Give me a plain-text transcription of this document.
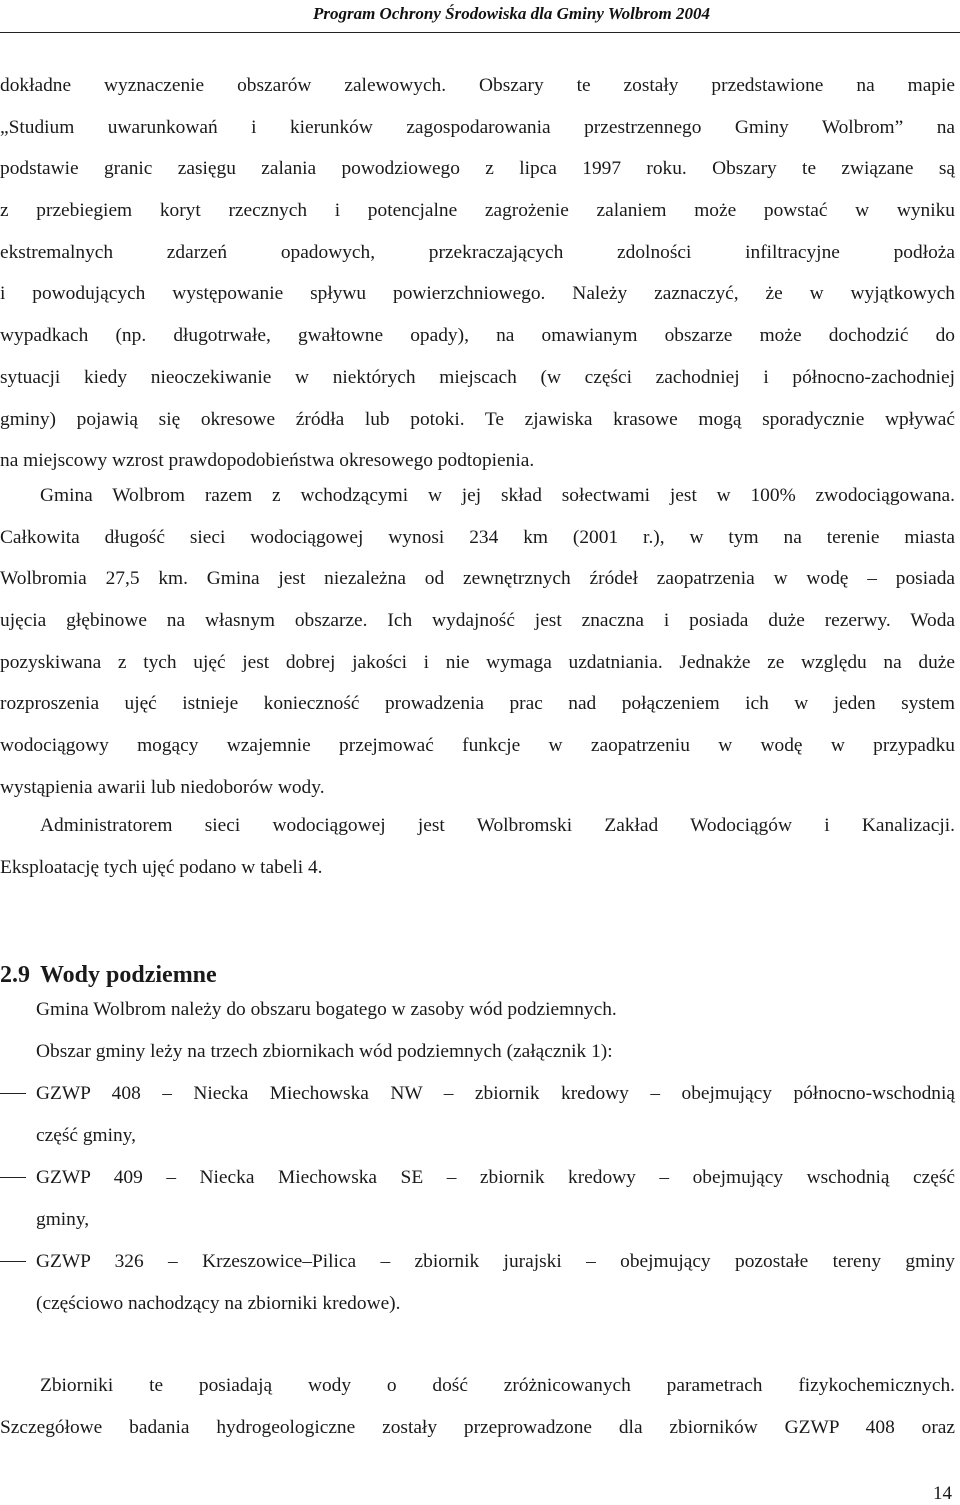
Program Ochrony Środowiska dla Gminy Wolbrom 2004
dokładne wyznaczenie obszarów zalewowych. Obszary te zostały przedstawione na mapie
„Studium uwarunkowań i kierunków zagospodarowania przestrzennego Gminy Wolbrom” na
podstawie granic zasięgu zalania powodziowego z lipca 1997 roku. Obszary te związane są
z przebiegiem koryt rzecznych i potencjalne zagrożenie zalaniem może powstać w wyniku
ekstremalnych zdarzeń opadowych, przekraczających zdolności infiltracyjne podłoża
i powodujących występowanie spływu powierzchniowego. Należy zaznaczyć, że w wyjątkowych
wypadkach (np. długotrwałe, gwałtowne opady), na omawianym obszarze może dochodzić do
sytuacji kiedy nieoczekiwanie w niektórych miejscach (w części zachodniej i północno-zachodniej
gminy) pojawią się okresowe źródła lub potoki. Te zjawiska krasowe mogą sporadycznie wpływać
na miejscowy wzrost prawdopodobieństwa okresowego podtopienia.
Gmina Wolbrom razem z wchodzącymi w jej skład sołectwami jest w 100% zwodociągowana.
Całkowita długość sieci wodociągowej wynosi 234 km (2001 r.), w tym na terenie miasta
Wolbromia 27,5 km. Gmina jest niezależna od zewnętrznych źródeł zaopatrzenia w wodę – posiada
ujęcia głębinowe na własnym obszarze. Ich wydajność jest znaczna i posiada duże rezerwy. Woda
pozyskiwana z tych ujęć jest dobrej jakości i nie wymaga uzdatniania. Jednakże ze względu na duże
rozproszenia ujęć istnieje konieczność prowadzenia prac nad połączeniem ich w jeden system
wodociągowy mogący wzajemnie przejmować funkcje w zaopatrzeniu w wodę w przypadku
wystąpienia awarii lub niedoborów wody.
Administratorem sieci wodociągowej jest Wolbromski Zakład Wodociągów i Kanalizacji.
Eksploatację tych ujęć podano w tabeli 4.
2.9 Wody podziemne
Gmina Wolbrom należy do obszaru bogatego w zasoby wód podziemnych.
Obszar gminy leży na trzech zbiornikach wód podziemnych (załącznik 1):
GZWP 408 – Niecka Miechowska NW – zbiornik kredowy – obejmujący północno-wschodnią
część gminy,
GZWP 409 – Niecka Miechowska SE – zbiornik kredowy – obejmujący wschodnią część
gminy,
GZWP 326 – Krzeszowice–Pilica – zbiornik jurajski – obejmujący pozostałe tereny gminy
(częściowo nachodzący na zbiorniki kredowe).
Zbiorniki te posiadają wody o dość zróżnicowanych parametrach fizykochemicznych.
Szczegółowe badania hydrogeologiczne zostały przeprowadzone dla zbiorników GZWP 408 oraz
14
